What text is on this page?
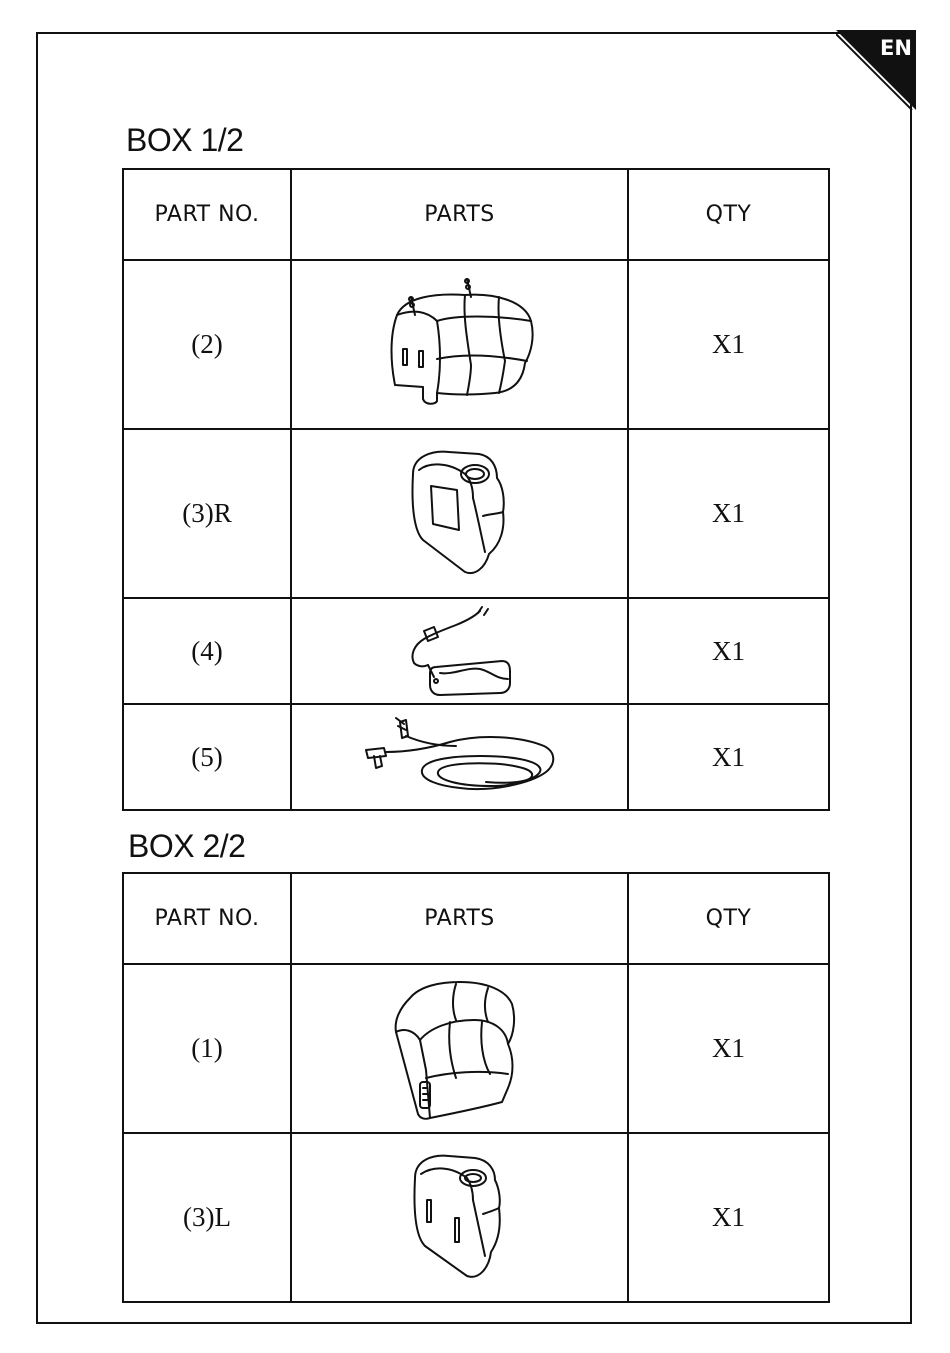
EN
BOX 1/2
PART NO.	PARTS	QTY
(2)		X1
(3)R		X1
(4)		X1
(5)		X1
BOX 2/2
PART NO.	PARTS	QTY
(1)		X1
(3)L		X1
